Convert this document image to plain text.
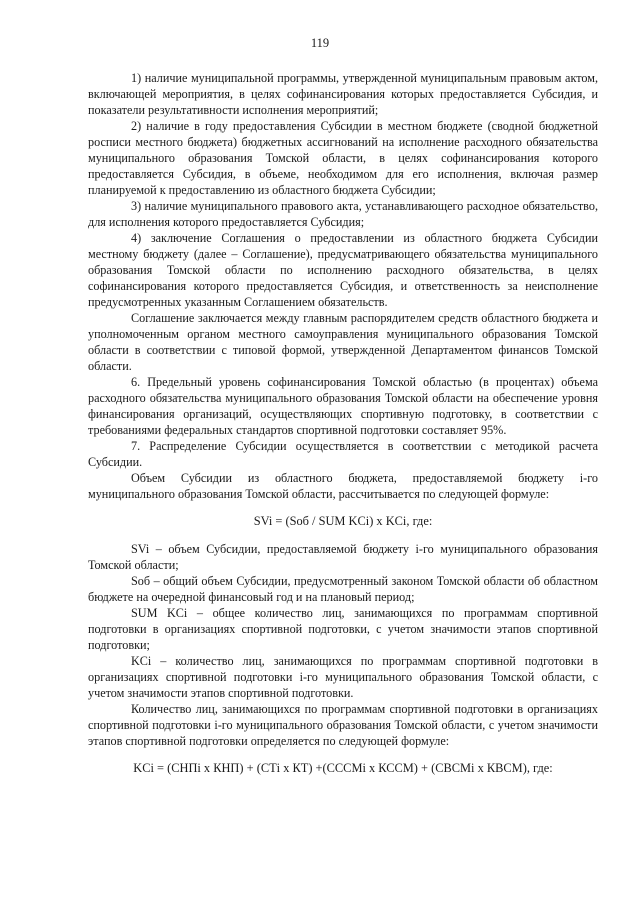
119

1) наличие муниципальной программы, утвержденной муниципальным правовым актом, включающей мероприятия, в целях софинансирования которых предоставляется Субсидия, и показатели результативности исполнения мероприятий;

2) наличие в году предоставления Субсидии в местном бюджете (сводной бюджетной росписи местного бюджета) бюджетных ассигнований на исполнение расходного обязательства муниципального образования Томской области, в целях софинансирования которого предоставляется Субсидия, в объеме, необходимом для его исполнения, включая размер планируемой к предоставлению из областного бюджета Субсидии;

3) наличие муниципального правового акта, устанавливающего расходное обязательство, для исполнения которого предоставляется Субсидия;

4) заключение Соглашения о предоставлении из областного бюджета Субсидии местному бюджету (далее – Соглашение), предусматривающего обязательства муниципального образования Томской области по исполнению расходного обязательства, в целях софинансирования которого предоставляется Субсидия, и ответственность за неисполнение предусмотренных указанным Соглашением обязательств.

Соглашение заключается между главным распорядителем средств областного бюджета и уполномоченным органом местного самоуправления муниципального образования Томской области в соответствии с типовой формой, утвержденной Департаментом финансов Томской области.

6. Предельный уровень софинансирования Томской областью (в процентах) объема расходного обязательства муниципального образования Томской области на обеспечение уровня финансирования организаций, осуществляющих спортивную подготовку, в соответствии с требованиями федеральных стандартов спортивной подготовки составляет 95%.

7. Распределение Субсидии осуществляется в соответствии с методикой расчета Субсидии.

Объем Субсидии из областного бюджета, предоставляемой бюджету i-го муниципального образования Томской области, рассчитывается по следующей формуле:

SVi = (Sоб / SUM KCi) x KCi, где:

SVi – объем Субсидии, предоставляемой бюджету i-го муниципального образования Томской области;

Sоб – общий объем Субсидии, предусмотренный законом Томской области об областном бюджете на очередной финансовый год и на плановый период;

SUM KCi – общее количество лиц, занимающихся по программам спортивной подготовки в организациях спортивной подготовки, с учетом значимости этапов спортивной подготовки;

KCi – количество лиц, занимающихся по программам спортивной подготовки в организациях спортивной подготовки i-го муниципального образования Томской области, с учетом значимости этапов спортивной подготовки.

Количество лиц, занимающихся по программам спортивной подготовки в организациях спортивной подготовки i-го муниципального образования Томской области, с учетом значимости этапов спортивной подготовки определяется по следующей формуле:

KCi = (СНПi x КНП) + (СТi x КТ) +(СССМi x КССМ) + (СВСМi x КВСМ), где:
